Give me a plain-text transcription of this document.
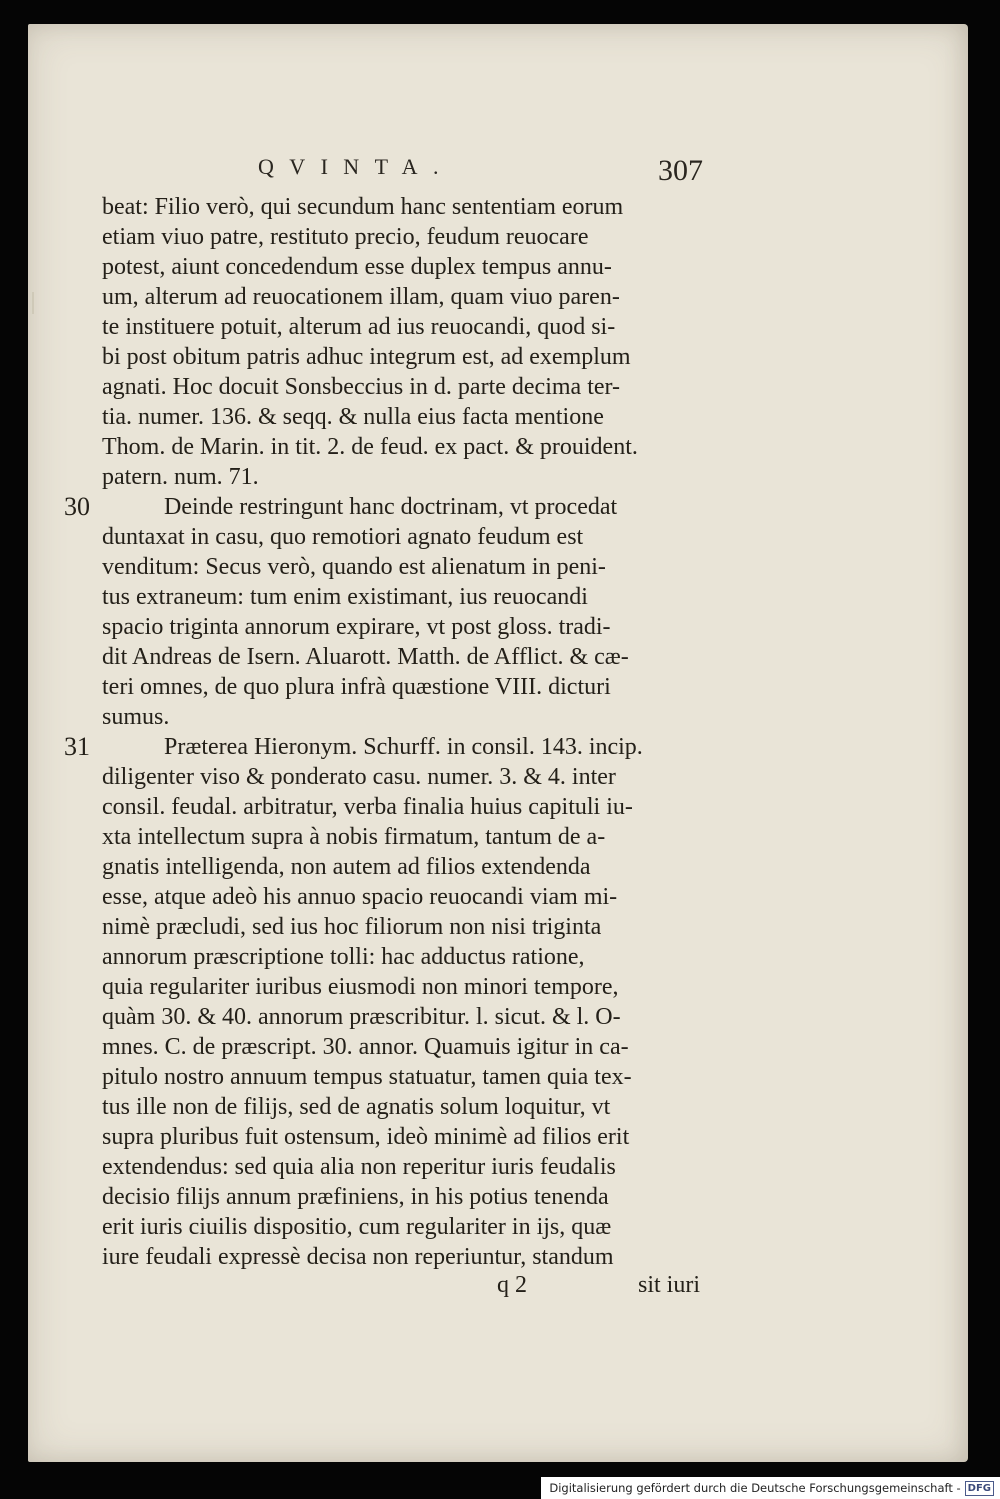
QVINTA.	307
beat: Filio verò, qui secundum hanc sententiam eorum
etiam viuo patre, restituto precio, feudum reuocare
potest, aiunt concedendum esse duplex tempus annu-
um, alterum ad reuocationem illam, quam viuo paren-
te instituere potuit, alterum ad ius reuocandi, quod si-
bi post obitum patris adhuc integrum est, ad exemplum
agnati. Hoc docuit Sonsbeccius in d. parte decima ter-
tia. numer. 136. & seqq. & nulla eius facta mentione
Thom. de Marin. in tit. 2. de feud. ex pact. & prouident.
patern. num. 71.
30	Deinde restringunt hanc doctrinam, vt procedat
duntaxat in casu, quo remotiori agnato feudum est
venditum: Secus verò, quando est alienatum in peni-
tus extraneum: tum enim existimant, ius reuocandi
spacio triginta annorum expirare, vt post gloss. tradi-
dit Andreas de Isern. Aluarott. Matth. de Afflict. & cæ-
teri omnes, de quo plura infrà quæstione VIII. dicturi
sumus.
31	Præterea Hieronym. Schurff. in consil. 143. incip.
diligenter viso & ponderato casu. numer. 3. & 4. inter
consil. feudal. arbitratur, verba finalia huius capituli iu-
xta intellectum supra à nobis firmatum, tantum de a-
gnatis intelligenda, non autem ad filios extendenda
esse, atque adeò his annuo spacio reuocandi viam mi-
nimè præcludi, sed ius hoc filiorum non nisi triginta
annorum præscriptione tolli: hac adductus ratione,
quia regulariter iuribus eiusmodi non minori tempore,
quàm 30. & 40. annorum præscribitur. l. sicut. & l. O-
mnes. C. de præscript. 30. annor. Quamuis igitur in ca-
pitulo nostro annuum tempus statuatur, tamen quia tex-
tus ille non de filijs, sed de agnatis solum loquitur, vt
supra pluribus fuit ostensum, ideò minimè ad filios erit
extendendus: sed quia alia non reperitur iuris feudalis
decisio filijs annum præfiniens, in his potius tenenda
erit iuris ciuilis dispositio, cum regulariter in ijs, quæ
iure feudali expressè decisa non reperiuntur, standum
q 2	sit iuri
Digitalisierung gefördert durch die Deutsche Forschungsgemeinschaft - DFG
